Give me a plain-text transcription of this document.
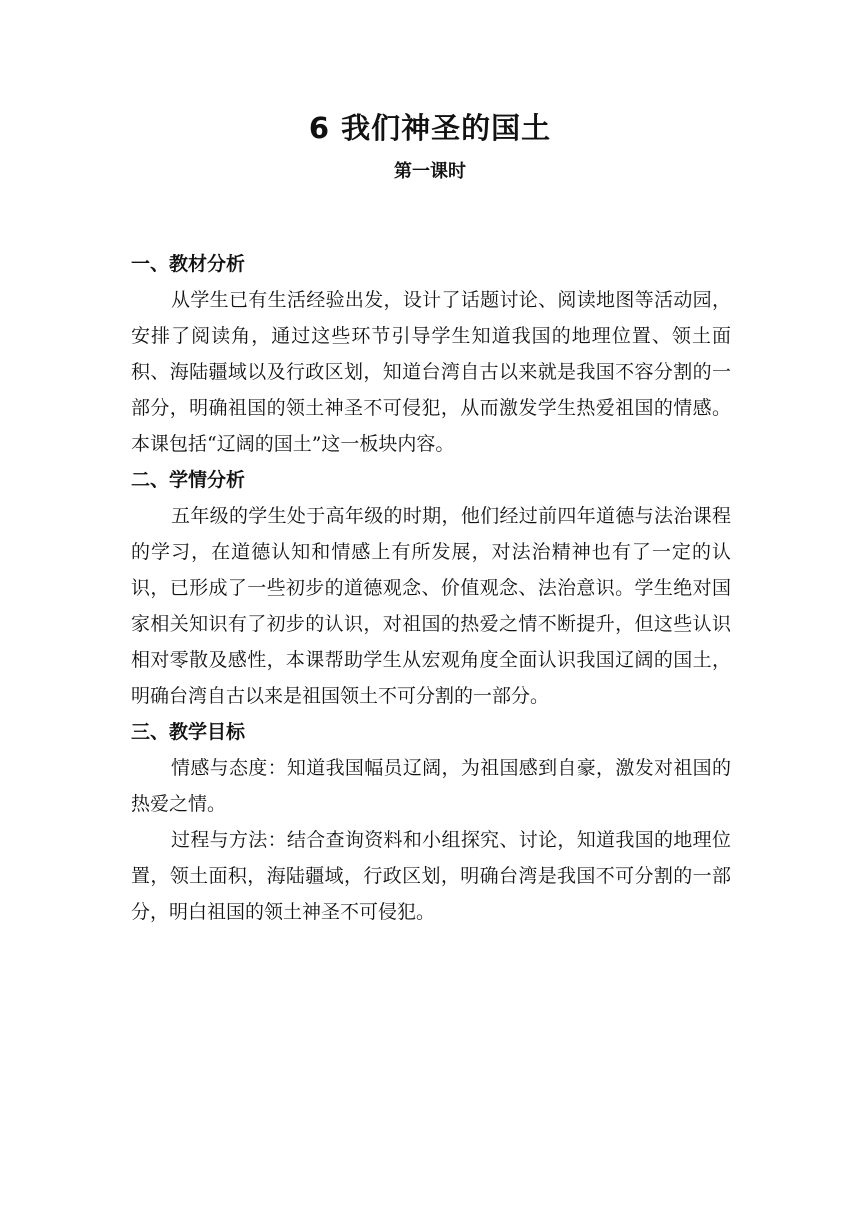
6 我们神圣的国土
第一课时
一、教材分析

从学生已有生活经验出发，设计了话题讨论、阅读地图等活动园，安排了阅读角，通过这些环节引导学生知道我国的地理位置、领土面积、海陆疆域以及行政区划，知道台湾自古以来就是我国不容分割的一部分，明确祖国的领土神圣不可侵犯，从而激发学生热爱祖国的情感。本课包括“辽阔的国土”这一板块内容。

二、学情分析

五年级的学生处于高年级的时期，他们经过前四年道德与法治课程的学习，在道德认知和情感上有所发展，对法治精神也有了一定的认识，已形成了一些初步的道德观念、价值观念、法治意识。学生绝对国家相关知识有了初步的认识，对祖国的热爱之情不断提升，但这些认识相对零散及感性，本课帮助学生从宏观角度全面认识我国辽阔的国土，明确台湾自古以来是祖国领土不可分割的一部分。

三、教学目标

情感与态度：知道我国幅员辽阔，为祖国感到自豪，激发对祖国的热爱之情。

过程与方法：结合查询资料和小组探究、讨论，知道我国的地理位置，领土面积，海陆疆域，行政区划，明确台湾是我国不可分割的一部分，明白祖国的领土神圣不可侵犯。
